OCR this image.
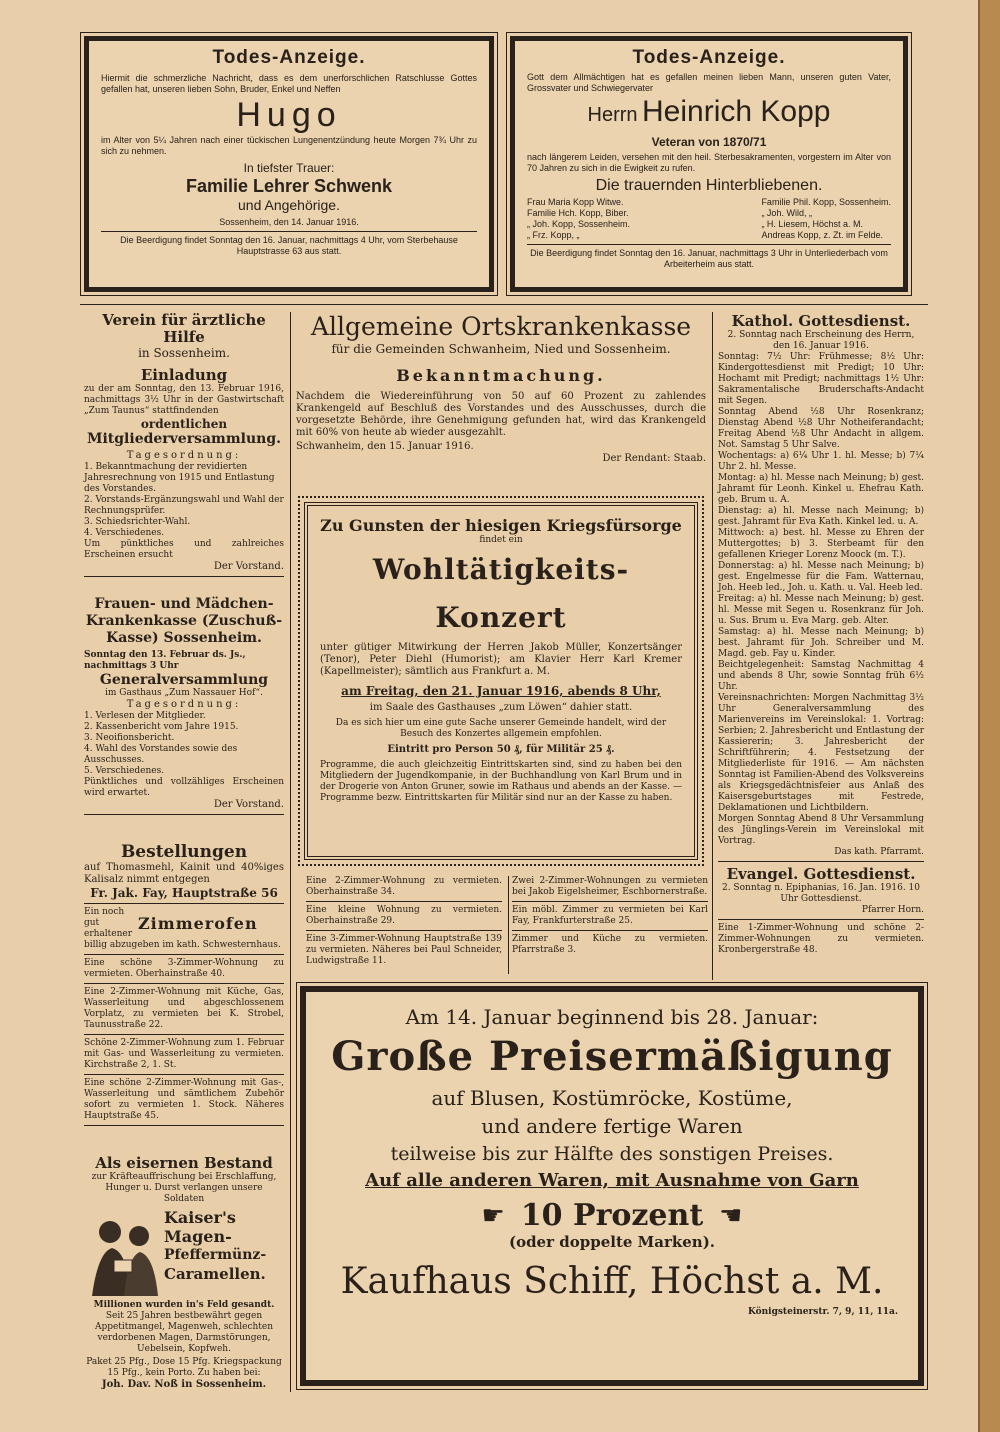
Todes-Anzeige.
Hiermit die schmerzliche Nachricht, dass es dem unerforschlichen Ratschlusse Gottes gefallen hat, unseren lieben Sohn, Bruder, Enkel und Neffen
Hugo
im Alter von 5¼ Jahren nach einer tückischen Lungenentzündung heute Morgen 7¾ Uhr zu sich zu nehmen.
In tiefster Trauer:
Familie Lehrer Schwenk
und Angehörige.
Sossenheim, den 14. Januar 1916.
Die Beerdigung findet Sonntag den 16. Januar, nachmittags 4 Uhr, vom Sterbehause Hauptstrasse 63 aus statt.
Todes-Anzeige.
Gott dem Allmächtigen hat es gefallen meinen lieben Mann, unseren guten Vater, Grossvater und Schwiegervater
Herrn Heinrich Kopp
Veteran von 1870/71
nach längerem Leiden, versehen mit den heil. Sterbesakramenten, vorgestern im Alter von 70 Jahren zu sich in die Ewigkeit zu rufen.
Die trauernden Hinterbliebenen.
Frau Maria Kopp Witwe.
Familie Hch. Kopp, Biber.
„ Joh. Kopp, Sossenheim.
„ Frz. Kopp, „
Familie Phil. Kopp, Sossenheim.
„ Joh. Wild, „
„ H. Liesem, Höchst a. M.
Andreas Kopp, z. Zt. im Felde.
Die Beerdigung findet Sonntag den 16. Januar, nachmittags 3 Uhr in Unterliederbach vom Arbeiterheim aus statt.
Verein für ärztliche Hilfe
in Sossenheim.
Einladung
zu der am Sonntag, den 13. Februar 1916, nachmittags 3½ Uhr in der Gastwirtschaft „Zum Taunus“ stattfindenden
ordentlichen
Mitgliederversammlung.
Tagesordnung:
1. Bekanntmachung der revidierten Jahresrechnung von 1915 und Entlastung des Vorstandes.
2. Vorstands-Ergänzungswahl und Wahl der Rechnungsprüfer.
3. Schiedsrichter-Wahl.
4. Verschiedenes.
Um pünktliches und zahlreiches Erscheinen ersucht
Der Vorstand.
Frauen- und Mädchen-Krankenkasse (Zuschuß-Kasse) Sossenheim.
Sonntag den 13. Februar ds. Js., nachmittags 3 Uhr
Generalversammlung
im Gasthaus „Zum Nassauer Hof“.
Tagesordnung:
1. Verlesen der Mitglieder.
2. Kassenbericht vom Jahre 1915.
3. Neoifionsbericht.
4. Wahl des Vorstandes sowie des Ausschusses.
5. Verschiedenes.
Pünktliches und vollzähliges Erscheinen wird erwartet.
Der Vorstand.
Bestellungen
auf Thomasmehl, Kainit und 40%iges Kalisalz nimmt entgegen
Fr. Jak. Fay, Hauptstraße 56
Ein noch gut erhaltener
Zimmerofen
billig abzugeben im kath. Schwesternhaus.
Eine schöne 3-Zimmer-Wohnung zu vermieten. Oberhainstraße 40.
Eine 2-Zimmer-Wohnung mit Küche, Gas, Wasserleitung und abgeschlossenem Vorplatz, zu vermieten bei K. Strobel, Taunusstraße 22.
Schöne 2-Zimmer-Wohnung zum 1. Februar mit Gas- und Wasserleitung zu vermieten. Kirchstraße 2, 1. St.
Eine schöne 2-Zimmer-Wohnung mit Gas-, Wasserleitung und sämtlichem Zubehör sofort zu vermieten 1. Stock. Näheres Hauptstraße 45.
Als eisernen Bestand
zur Kräfteauffrischung bei Erschlaffung, Hunger u. Durst verlangen unsere Soldaten
Kaiser's
Magen-
Pfeffermünz-
Caramellen.
Millionen wurden in's Feld gesandt.
Seit 25 Jahren bestbewährt gegen Appetitmangel, Magenweh, schlechten verdorbenen Magen, Darmstörungen, Uebelsein, Kopfweh.
Paket 25 Pfg., Dose 15 Pfg. Kriegspackung 15 Pfg., kein Porto. Zu haben bei:
Joh. Dav. Noß in Sossenheim.
Allgemeine Ortskrankenkasse
für die Gemeinden Schwanheim, Nied und Sossenheim.
Bekanntmachung.
Nachdem die Wiedereinführung von 50 auf 60 Prozent zu zahlendes Krankengeld auf Beschluß des Vorstandes und des Ausschusses, durch die vorgesetzte Behörde, ihre Genehmigung gefunden hat, wird das Krankengeld mit 60% von heute ab wieder ausgezahlt.
Schwanheim, den 15. Januar 1916.
Der Rendant: Staab.
Zu Gunsten der hiesigen Kriegsfürsorge
findet ein
Wohltätigkeits-Konzert
unter gütiger Mitwirkung der Herren Jakob Müller, Konzertsänger (Tenor), Peter Diehl (Humorist); am Klavier Herr Karl Kremer (Kapellmeister); sämtlich aus Frankfurt a. M.
am Freitag, den 21. Januar 1916, abends 8 Uhr,
im Saale des Gasthauses „zum Löwen“ dahier statt.
Da es sich hier um eine gute Sache unserer Gemeinde handelt, wird der Besuch des Konzertes allgemein empfohlen.
Eintritt pro Person 50 ₰, für Militär 25 ₰.
Programme, die auch gleichzeitig Eintrittskarten sind, sind zu haben bei den Mitgliedern der Jugendkompanie, in der Buchhandlung von Karl Brum und in der Drogerie von Anton Gruner, sowie im Rathaus und abends an der Kasse. — Programme bezw. Eintrittskarten für Militär sind nur an der Kasse zu haben.
Eine 2-Zimmer-Wohnung zu vermieten. Oberhainstraße 34.
Eine kleine Wohnung zu vermieten. Oberhainstraße 29.
Eine 3-Zimmer-Wohnung Hauptstraße 139 zu vermieten. Näheres bei Paul Schneider, Ludwigstraße 11.
Zwei 2-Zimmer-Wohnungen zu vermieten bei Jakob Eigelsheimer, Eschbornerstraße.
Ein möbl. Zimmer zu vermieten bei Karl Fay, Frankfurterstraße 25.
Zimmer und Küche zu vermieten. Pfarrstraße 3.
Kathol. Gottesdienst.
2. Sonntag nach Erscheinung des Herrn, den 16. Januar 1916.
Sonntag: 7½ Uhr: Frühmesse; 8½ Uhr: Kindergottesdienst mit Predigt; 10 Uhr: Hochamt mit Predigt; nachmittags 1½ Uhr: Sakramentalische Bruderschafts-Andacht mit Segen.
Sonntag Abend ½8 Uhr Rosenkranz; Dienstag Abend ½8 Uhr Notheiferandacht; Freitag Abend ½8 Uhr Andacht in allgem. Not. Samstag 5 Uhr Salve.
Wochentags: a) 6¼ Uhr 1. hl. Messe; b) 7¼ Uhr 2. hl. Messe.
Montag: a) hl. Messe nach Meinung; b) gest. Jahramt für Leonh. Kinkel u. Ehefrau Kath. geb. Brum u. A.
Dienstag: a) hl. Messe nach Meinung; b) gest. Jahramt für Eva Kath. Kinkel led. u. A.
Mittwoch: a) best. hl. Messe zu Ehren der Muttergottes; b) 3. Sterbeamt für den gefallenen Krieger Lorenz Moock (m. T.).
Donnerstag: a) hl. Messe nach Meinung; b) gest. Engelmesse für die Fam. Watternau, Joh. Heeb led., Joh. u. Kath. u. Val. Heeb led.
Freitag: a) hl. Messe nach Meinung; b) gest. hl. Messe mit Segen u. Rosenkranz für Joh. u. Sus. Brum u. Eva Marg. geb. Alter.
Samstag: a) hl. Messe nach Meinung; b) best. Jahramt für Joh. Schreiber und M. Magd. geb. Fay u. Kinder.
Beichtgelegenheit: Samstag Nachmittag 4 und abends 8 Uhr, sowie Sonntag früh 6½ Uhr.
Vereinsnachrichten: Morgen Nachmittag 3½ Uhr Generalversammlung des Marienvereins im Vereinslokal: 1. Vortrag: Serbien; 2. Jahresbericht und Entlastung der Kassiererin; 3. Jahresbericht der Schriftführerin; 4. Festsetzung der Mitgliederliste für 1916. — Am nächsten Sonntag ist Familien-Abend des Volksvereins als Kriegsgedächtnisfeier aus Anlaß des Kaisersgeburtstages mit Festrede, Deklamationen und Lichtbildern.
Morgen Sonntag Abend 8 Uhr Versammlung des Jünglings-Verein im Vereinslokal mit Vortrag.
Das kath. Pfarramt.
Evangel. Gottesdienst.
2. Sonntag n. Epiphanias, 16. Jan. 1916. 10 Uhr Gottesdienst.
Pfarrer Horn.
Eine 1-Zimmer-Wohnung und schöne 2-Zimmer-Wohnungen zu vermieten. Kronbergerstraße 48.
Am 14. Januar beginnend bis 28. Januar:
Große Preisermäßigung
auf Blusen, Kostümröcke, Kostüme,
und andere fertige Waren
teilweise bis zur Hälfte des sonstigen Preises.
Auf alle anderen Waren, mit Ausnahme von Garn
☛ 10 Prozent ☛
(oder doppelte Marken).
Kaufhaus Schiff, Höchst a. M.
Königsteinerstr. 7, 9, 11, 11a.
